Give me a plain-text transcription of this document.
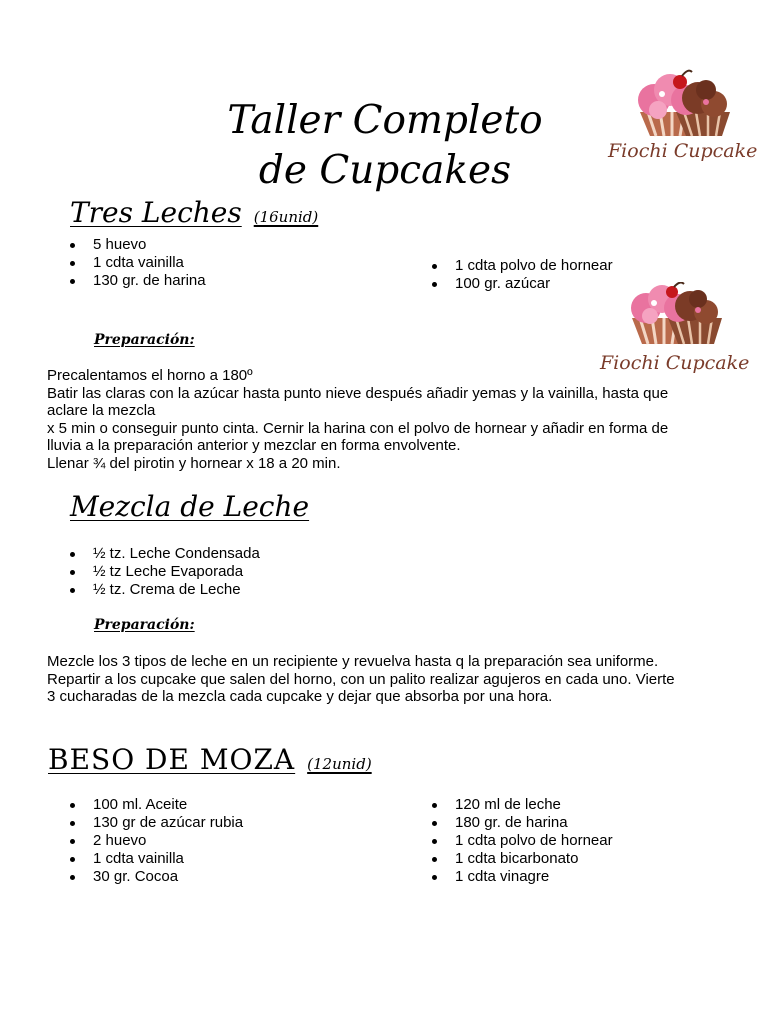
Taller Completo
de Cupcakes	Fiochi Cupcake
Fiochi Cupcake
Tres Leches (16unid)
5 huevo
1 cdta vainilla
130 gr. de harina
1 cdta polvo de hornear
100 gr. azúcar
Preparación:
Precalentamos el horno a 180º
Batir las claras con la azúcar hasta punto nieve después añadir yemas y la vainilla, hasta que
aclare la mezcla
x 5 min o conseguir punto cinta. Cernir la harina con el polvo de hornear y añadir en forma de
lluvia a la preparación anterior y mezclar en forma envolvente.
Llenar ¾ del pirotin y hornear x 18 a 20 min.
Mezcla de Leche
½ tz. Leche Condensada
½ tz Leche Evaporada
½ tz. Crema de Leche
Preparación:
Mezcle los 3 tipos de leche en un recipiente y revuelva hasta q la preparación sea uniforme.
Repartir a los cupcake que salen del horno, con un palito realizar agujeros en cada uno. Vierte
3 cucharadas de la mezcla cada cupcake y dejar que absorba por una hora.
BESO DE MOZA (12unid)
100 ml. Aceite
130 gr de azúcar rubia
2 huevo
1 cdta vainilla
30 gr. Cocoa
120 ml de leche
180 gr. de harina
1 cdta polvo de hornear
1 cdta bicarbonato
1 cdta vinagre
